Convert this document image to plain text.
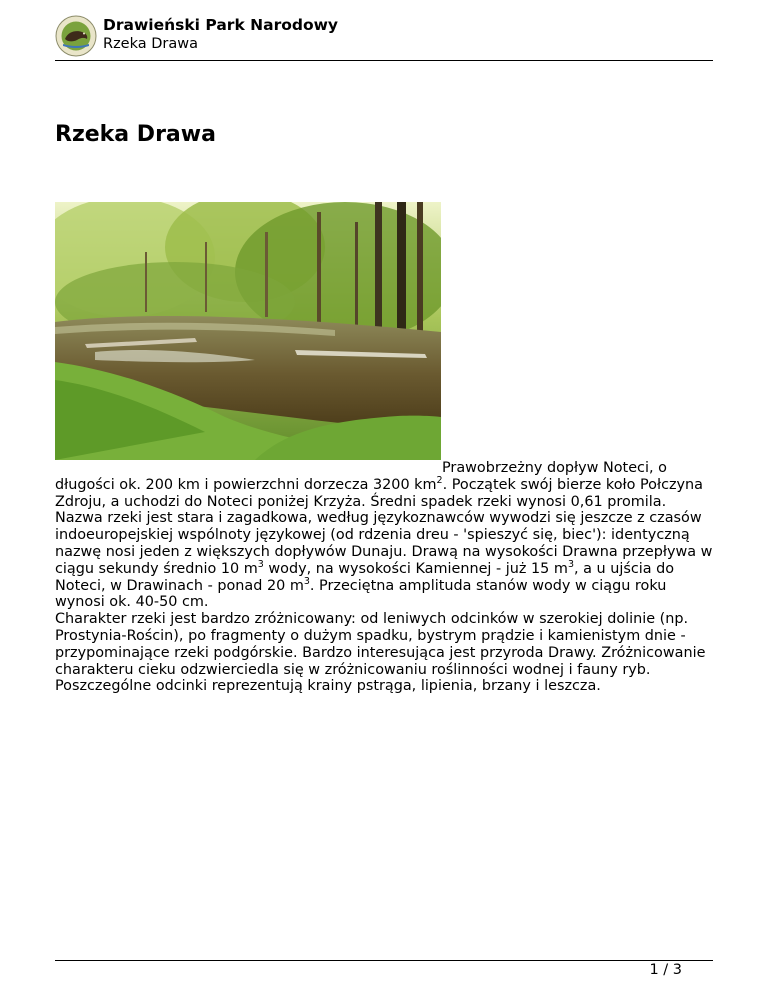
Drawieński Park Narodowy
Rzeka Drawa
Rzeka Drawa

Prawobrzeżny dopływ Noteci, o długości ok. 200 km i powierzchni dorzecza 3200 $km^2$. Początek swój bierze koło Połczyna Zdroju, a uchodzi do Noteci poniżej Krzyża. Średni spadek rzeki wynosi 0,61 promila. Nazwa rzeki jest stara i zagadkowa, według językoznawców wywodzi się jeszcze z czasów indoeuropejskiej wspólnoty językowej (od rdzenia dreu - 'spieszyć się, biec'): identyczną nazwę nosi jeden z większych dopływów Dunaju. Drawą na wysokości Drawna przepływa w ciągu sekundy średnio 10 $m^3$ wody, na wysokości Kamiennej - już 15 $m^3$, a u ujścia do Noteci, w Drawinach - ponad 20 $m^3$. Przeciętna amplituda stanów wody w ciągu roku wynosi ok. 40-50 cm.
Charakter rzeki jest bardzo zróżnicowany: od leniwych odcinków w szerokiej dolinie (np. Prostynia-Rościn), po fragmenty o dużym spadku, bystrym prądzie i kamienistym dnie - przypominające rzeki podgórskie. Bardzo interesująca jest przyroda Drawy. Zróżnicowanie charakteru cieku odzwierciedla się w zróżnicowaniu roślinności wodnej i fauny ryb. Poszczególne odcinki reprezentują krainy pstrąga, lipienia, brzany i leszcza.

1 / 3
